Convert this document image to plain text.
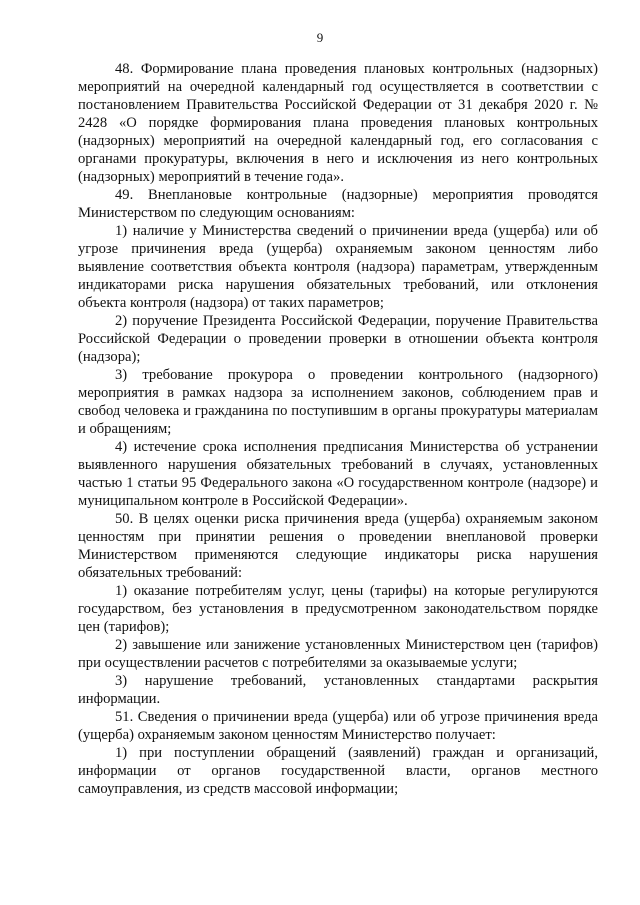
9

48. Формирование плана проведения плановых контрольных (надзорных) мероприятий на очередной календарный год осуществляется в соответствии с постановлением Правительства Российской Федерации от 31 декабря 2020 г. № 2428 «О порядке формирования плана проведения плановых контрольных (надзорных) мероприятий на очередной календарный год, его согласования с органами прокуратуры, включения в него и исключения из него контрольных (надзорных) мероприятий в течение года».

49. Внеплановые контрольные (надзорные) мероприятия проводятся Министерством по следующим основаниям:

1) наличие у Министерства сведений о причинении вреда (ущерба) или об угрозе причинения вреда (ущерба) охраняемым законом ценностям либо выявление соответствия объекта контроля (надзора) параметрам, утвержденным индикаторами риска нарушения обязательных требований, или отклонения объекта контроля (надзора) от таких параметров;

2) поручение Президента Российской Федерации, поручение Правительства Российской Федерации о проведении проверки в отношении объекта контроля (надзора);

3) требование прокурора о проведении контрольного (надзорного) мероприятия в рамках надзора за исполнением законов, соблюдением прав и свобод человека и гражданина по поступившим в органы прокуратуры материалам и обращениям;

4) истечение срока исполнения предписания Министерства об устранении выявленного нарушения обязательных требований в случаях, установленных частью 1 статьи 95 Федерального закона «О государственном контроле (надзоре) и муниципальном контроле в Российской Федерации».

50. В целях оценки риска причинения вреда (ущерба) охраняемым законом ценностям при принятии решения о проведении внеплановой проверки Министерством применяются следующие индикаторы риска нарушения обязательных требований:

1) оказание потребителям услуг, цены (тарифы) на которые регулируются государством, без установления в предусмотренном законодательством порядке цен (тарифов);

2) завышение или занижение установленных Министерством цен (тарифов) при осуществлении расчетов с потребителями за оказываемые услуги;

3) нарушение требований, установленных стандартами раскрытия информации.

51. Сведения о причинении вреда (ущерба) или об угрозе причинения вреда (ущерба) охраняемым законом ценностям Министерство получает:

1) при поступлении обращений (заявлений) граждан и организаций, информации от органов государственной власти, органов местного самоуправления, из средств массовой информации;
